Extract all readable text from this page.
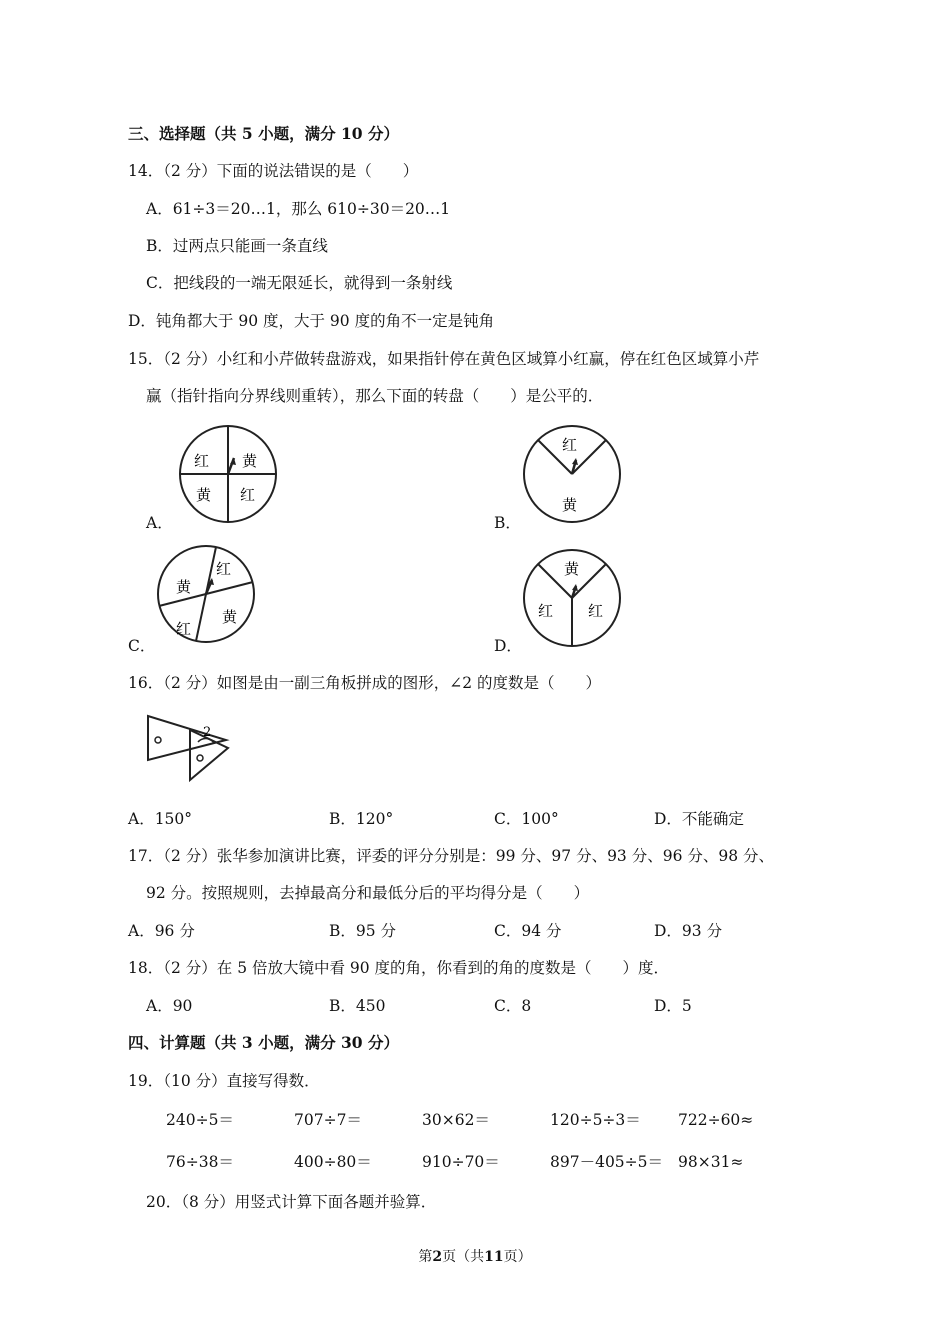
三、选择题（共 5 小题，满分 10 分）
14．（2 分）下面的说法错误的是（　　）
A．61÷3＝20…1，那么 610÷30＝20…1
B．过两点只能画一条直线
C．把线段的一端无限延长，就得到一条射线
D．钝角都大于 90 度，大于 90 度的角不一定是钝角
15．（2 分）小红和小芹做转盘游戏，如果指针停在黄色区域算小红赢，停在红色区域算小芹
赢（指针指向分界线则重转），那么下面的转盘（　　）是公平的．
A．
红 黄
黄 红
B．
红
黄
C．
红
黄
黄
红
D．
黄
红 红
16．（2 分）如图是由一副三角板拼成的图形，∠2 的度数是（　　）
2
A．150°	B．120°	C．100°	D．不能确定
17．（2 分）张华参加演讲比赛，评委的评分分别是：99 分、97 分、93 分、96 分、98 分、
92 分。按照规则，去掉最高分和最低分后的平均得分是（　　）
A．96 分	B．95 分	C．94 分	D．93 分
18．（2 分）在 5 倍放大镜中看 90 度的角，你看到的角的度数是（　　）度．
A．90	B．450	C．8	D．5
四、计算题（共 3 小题，满分 30 分）
19．（10 分）直接写得数．
240÷5＝	707÷7＝	30×62＝	120÷5÷3＝ 722÷60≈
76÷38＝	400÷80＝	910÷70＝	897－405÷5＝ 98×31≈
20．（8 分）用竖式计算下面各题并验算．
第2页（共11页）
